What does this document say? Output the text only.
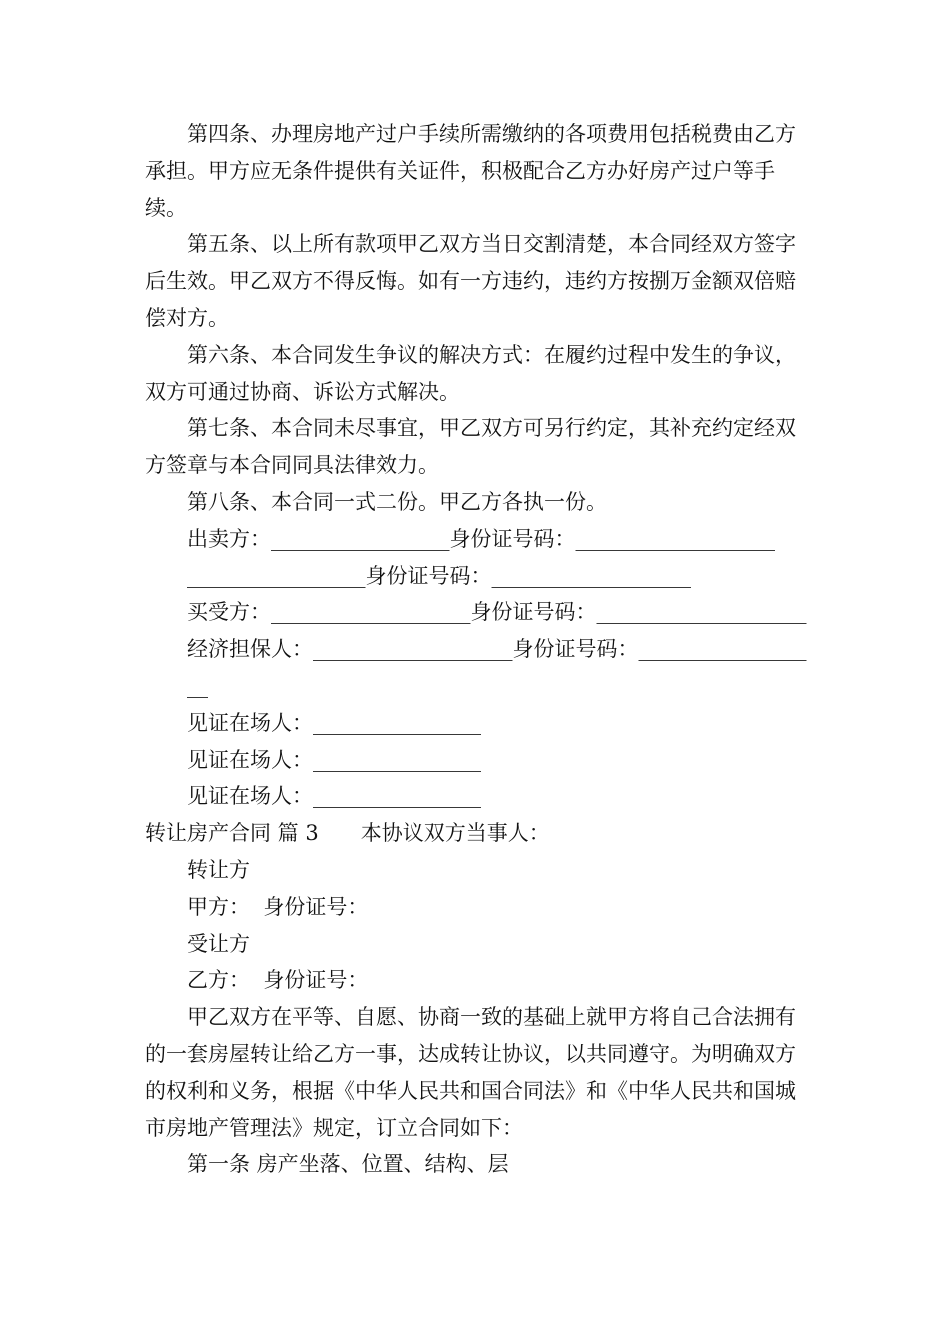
第四条、办理房地产过户手续所需缴纳的各项费用包括税费由乙方承担。甲方应无条件提供有关证件，积极配合乙方办好房产过户等手续。

第五条、以上所有款项甲乙双方当日交割清楚，本合同经双方签字后生效。甲乙双方不得反悔。如有一方违约，违约方按捌万金额双倍赔偿对方。

第六条、本合同发生争议的解决方式：在履约过程中发生的争议，双方可通过协商、诉讼方式解决。

第七条、本合同未尽事宜，甲乙双方可另行约定，其补充约定经双方签章与本合同同具法律效力。

第八条、本合同一式二份。甲乙方各执一份。

出卖方：_________________身份证号码：___________________

_________________身份证号码：___________________

买受方：___________________身份证号码：____________________

经济担保人：___________________身份证号码：__________________

见证在场人：________________

见证在场人：________________

见证在场人：________________

转让房产合同 篇 3　　本协议双方当事人：

转让方

甲方：  身份证号：

受让方

乙方：  身份证号：

甲乙双方在平等、自愿、协商一致的基础上就甲方将自己合法拥有的一套房屋转让给乙方一事，达成转让协议，以共同遵守。为明确双方的权利和义务，根据《中华人民共和国合同法》和《中华人民共和国城市房地产管理法》规定，订立合同如下：

第一条 房产坐落、位置、结构、层
